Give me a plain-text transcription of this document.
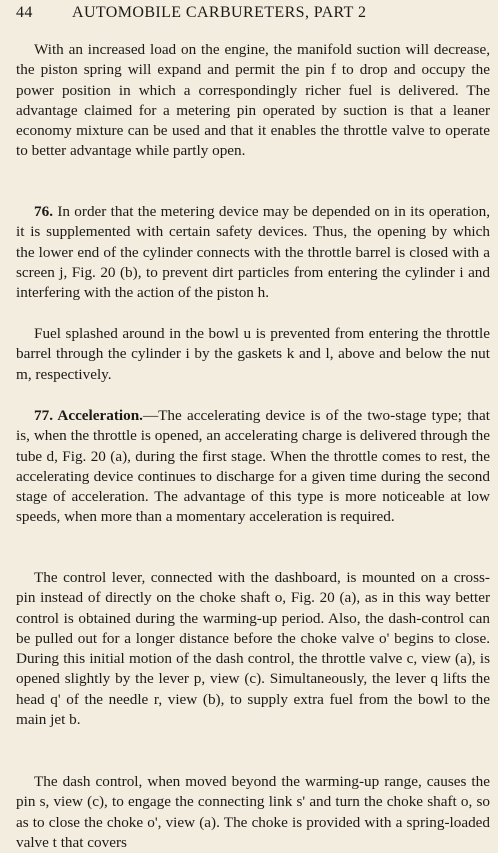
44 AUTOMOBILE CARBURETERS, PART 2

With an increased load on the engine, the manifold suction will decrease, the piston spring will expand and permit the pin f to drop and occupy the power position in which a correspondingly richer fuel is delivered. The advantage claimed for a metering pin operated by suction is that a leaner economy mixture can be used and that it enables the throttle valve to operate to better advantage while partly open.

76. In order that the metering device may be depended on in its operation, it is supplemented with certain safety devices. Thus, the opening by which the lower end of the cylinder connects with the throttle barrel is closed with a screen j, Fig. 20 (b), to prevent dirt particles from entering the cylinder i and interfering with the action of the piston h.

Fuel splashed around in the bowl u is prevented from entering the throttle barrel through the cylinder i by the gaskets k and l, above and below the nut m, respectively.

77. Acceleration.—The accelerating device is of the two-stage type; that is, when the throttle is opened, an accelerating charge is delivered through the tube d, Fig. 20 (a), during the first stage. When the throttle comes to rest, the accelerating device continues to discharge for a given time during the second stage of acceleration. The advantage of this type is more noticeable at low speeds, when more than a momentary acceleration is required.

The control lever, connected with the dashboard, is mounted on a cross-pin instead of directly on the choke shaft o, Fig. 20 (a), as in this way better control is obtained during the warming-up period. Also, the dash-control can be pulled out for a longer distance before the choke valve o' begins to close. During this initial motion of the dash control, the throttle valve c, view (a), is opened slightly by the lever p, view (c). Simultaneously, the lever q lifts the head q' of the needle r, view (b), to supply extra fuel from the bowl to the main jet b.

The dash control, when moved beyond the warming-up range, causes the pin s, view (c), to engage the connecting link s' and turn the choke shaft o, so as to close the choke o', view (a). The choke is provided with a spring-loaded valve t that covers
